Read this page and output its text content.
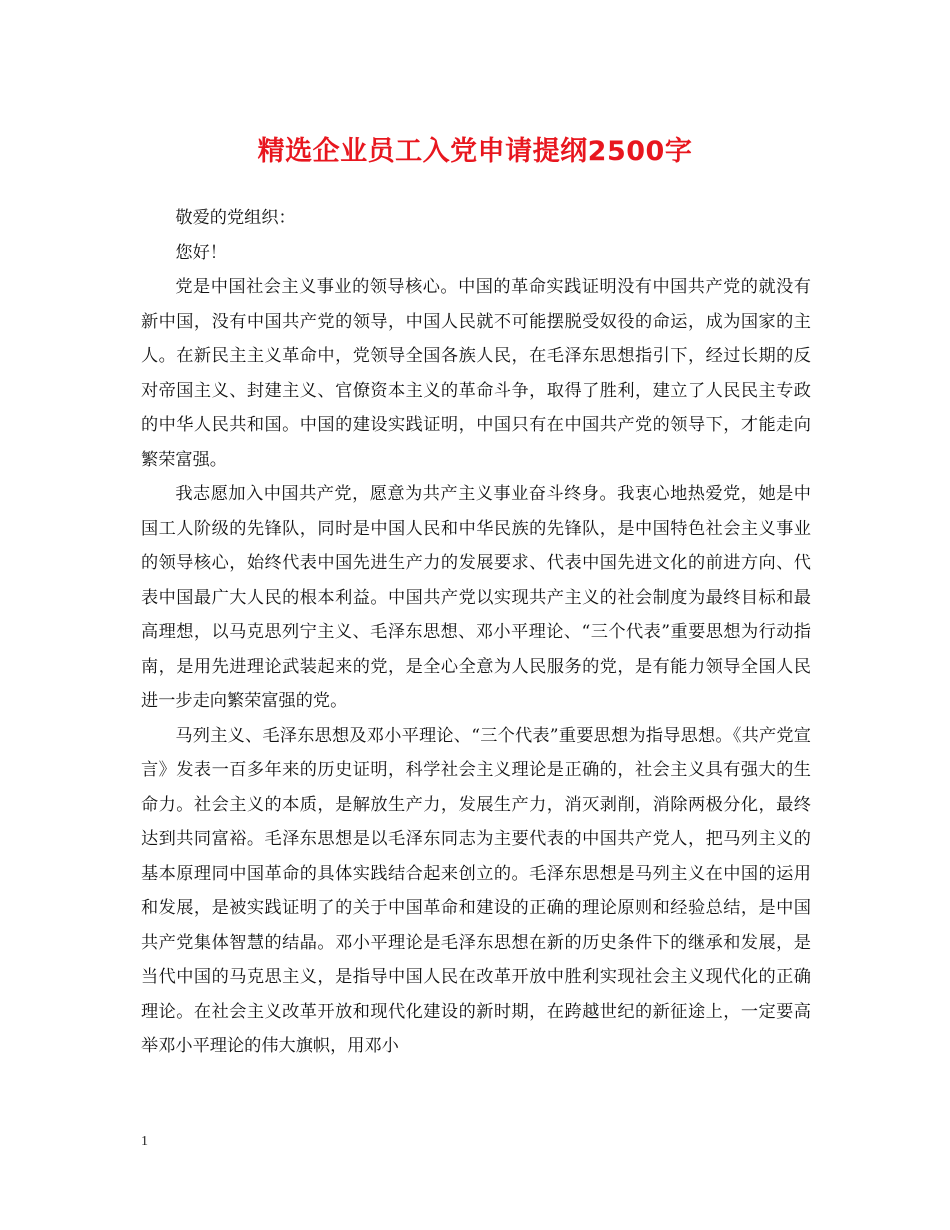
精选企业员工入党申请提纲2500字

敬爱的党组织：

您好！

党是中国社会主义事业的领导核心。中国的革命实践证明没有中国共产党的就没有新中国，没有中国共产党的领导，中国人民就不可能摆脱受奴役的命运，成为国家的主人。在新民主主义革命中，党领导全国各族人民，在毛泽东思想指引下，经过长期的反对帝国主义、封建主义、官僚资本主义的革命斗争，取得了胜利，建立了人民民主专政的中华人民共和国。中国的建设实践证明，中国只有在中国共产党的领导下，才能走向繁荣富强。

我志愿加入中国共产党，愿意为共产主义事业奋斗终身。我衷心地热爱党，她是中国工人阶级的先锋队，同时是中国人民和中华民族的先锋队，是中国特色社会主义事业的领导核心，始终代表中国先进生产力的发展要求、代表中国先进文化的前进方向、代表中国最广大人民的根本利益。中国共产党以实现共产主义的社会制度为最终目标和最高理想，以马克思列宁主义、毛泽东思想、邓小平理论、“三个代表”重要思想为行动指南，是用先进理论武装起来的党，是全心全意为人民服务的党，是有能力领导全国人民进一步走向繁荣富强的党。

马列主义、毛泽东思想及邓小平理论、“三个代表”重要思想为指导思想。《共产党宣言》发表一百多年来的历史证明，科学社会主义理论是正确的，社会主义具有强大的生命力。社会主义的本质，是解放生产力，发展生产力，消灭剥削，消除两极分化，最终达到共同富裕。毛泽东思想是以毛泽东同志为主要代表的中国共产党人，把马列主义的基本原理同中国革命的具体实践结合起来创立的。毛泽东思想是马列主义在中国的运用和发展，是被实践证明了的关于中国革命和建设的正确的理论原则和经验总结，是中国共产党集体智慧的结晶。邓小平理论是毛泽东思想在新的历史条件下的继承和发展，是当代中国的马克思主义，是指导中国人民在改革开放中胜利实现社会主义现代化的正确理论。在社会主义改革开放和现代化建设的新时期，在跨越世纪的新征途上，一定要高举邓小平理论的伟大旗帜，用邓小

1
